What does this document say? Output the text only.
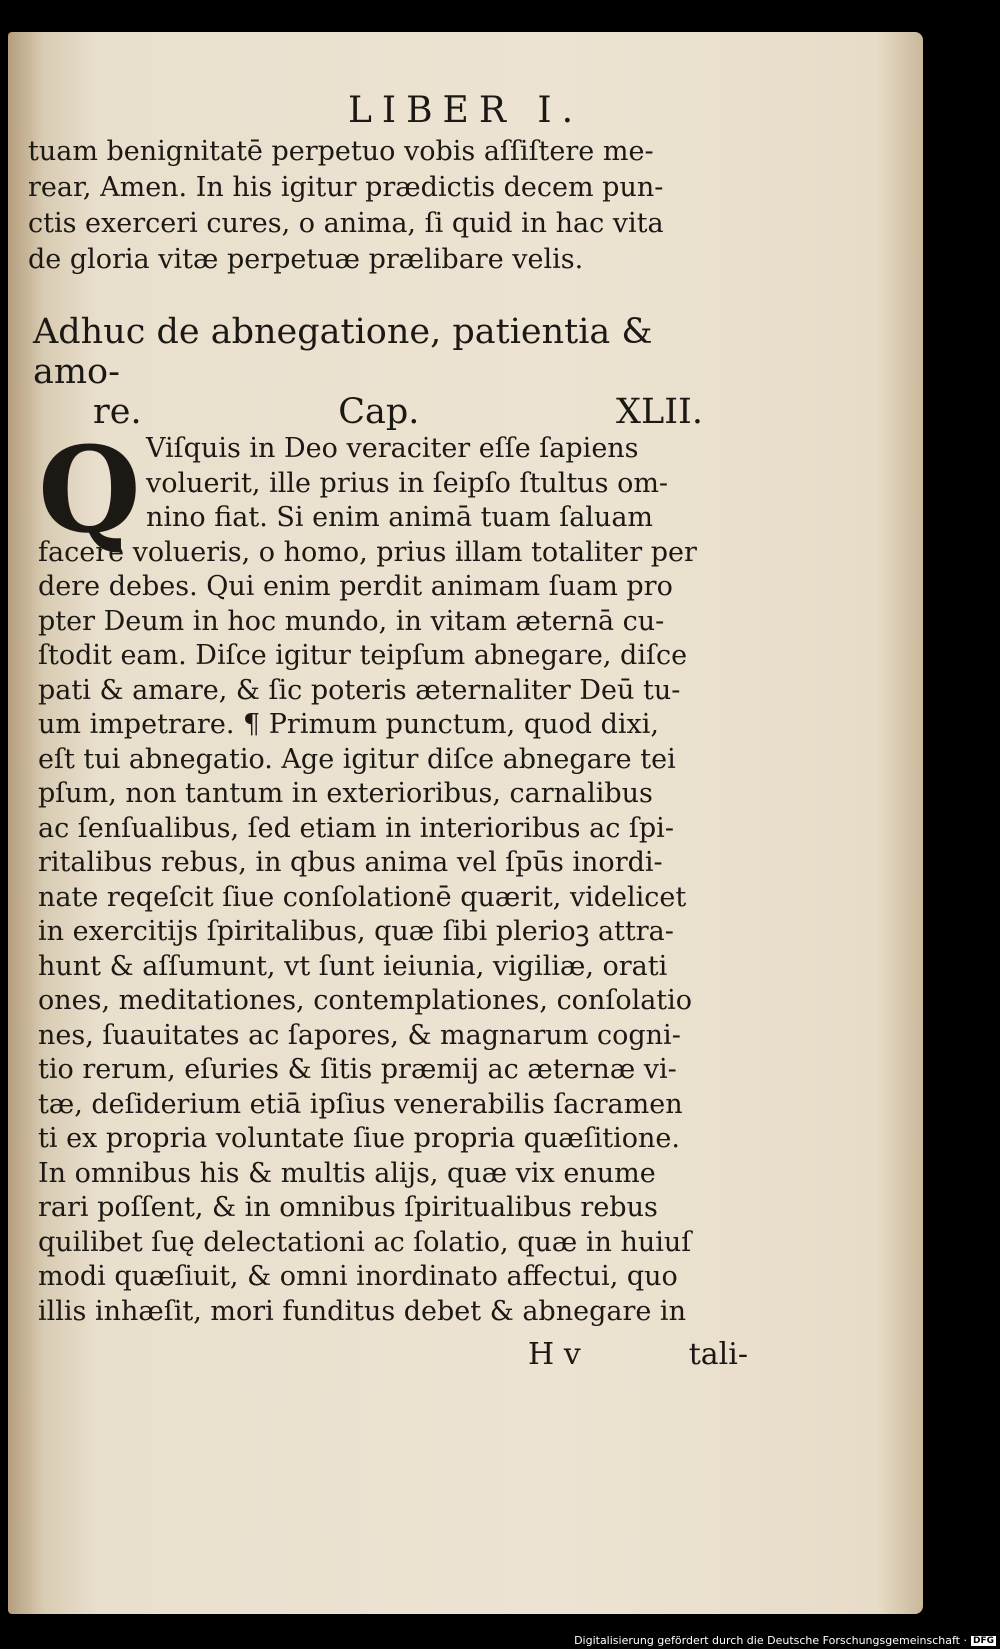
LIBER I.
tuam benignitatē perpetuo vobis aſſiſtere me-
rear, Amen. In his igitur prædictis decem pun-
ctis exerceri cures, o anima, ſi quid in hac vita
de gloria vitæ perpetuæ prælibare velis.
Adhuc de abnegatione, patientia & amo-
re.	Cap.	XLII.
Q Viſquis in Deo veraciter eſſe ſapiens
voluerit, ille prius in ſeipſo ſtultus om-
nino fiat. Si enim animā tuam ſaluam
facere volueris, o homo, prius illam totaliter per
dere debes. Qui enim perdit animam ſuam pro
pter Deum in hoc mundo, in vitam æternā cu-
ſtodit eam. Diſce igitur teipſum abnegare, diſce
pati & amare, & ſic poteris æternaliter Deū tu-
um impetrare. ¶ Primum punctum, quod dixi,
eſt tui abnegatio. Age igitur diſce abnegare tei
pſum, non tantum in exterioribus, carnalibus
ac ſenſualibus, ſed etiam in interioribus ac ſpi-
ritalibus rebus, in qbus anima vel ſpūs inordi-
nate reqeſcit ſiue conſolationē quærit, videlicet
in exercitijs ſpiritalibus, quæ ſibi plerioꝫ attra-
hunt & aſſumunt, vt ſunt ieiunia, vigiliæ, orati
ones, meditationes, contemplationes, conſolatio
nes, ſuauitates ac ſapores, & magnarum cogni-
tio rerum, eſuries & ſitis præmij ac æternæ vi-
tæ, deſiderium etiā ipſius venerabilis ſacramen
ti ex propria voluntate ſiue propria quæſitione.
In omnibus his & multis alijs, quæ vix enume
rari poſſent, & in omnibus ſpiritualibus rebus
quilibet ſuę delectationi ac ſolatio, quæ in huiuſ
modi quæſiuit, & omni inordinato affectui, quo
illis inhæſit, mori funditus debet & abnegare in
H v	tali-
Digitalisierung gefördert durch die Deutsche Forschungsgemeinschaft · DFG
